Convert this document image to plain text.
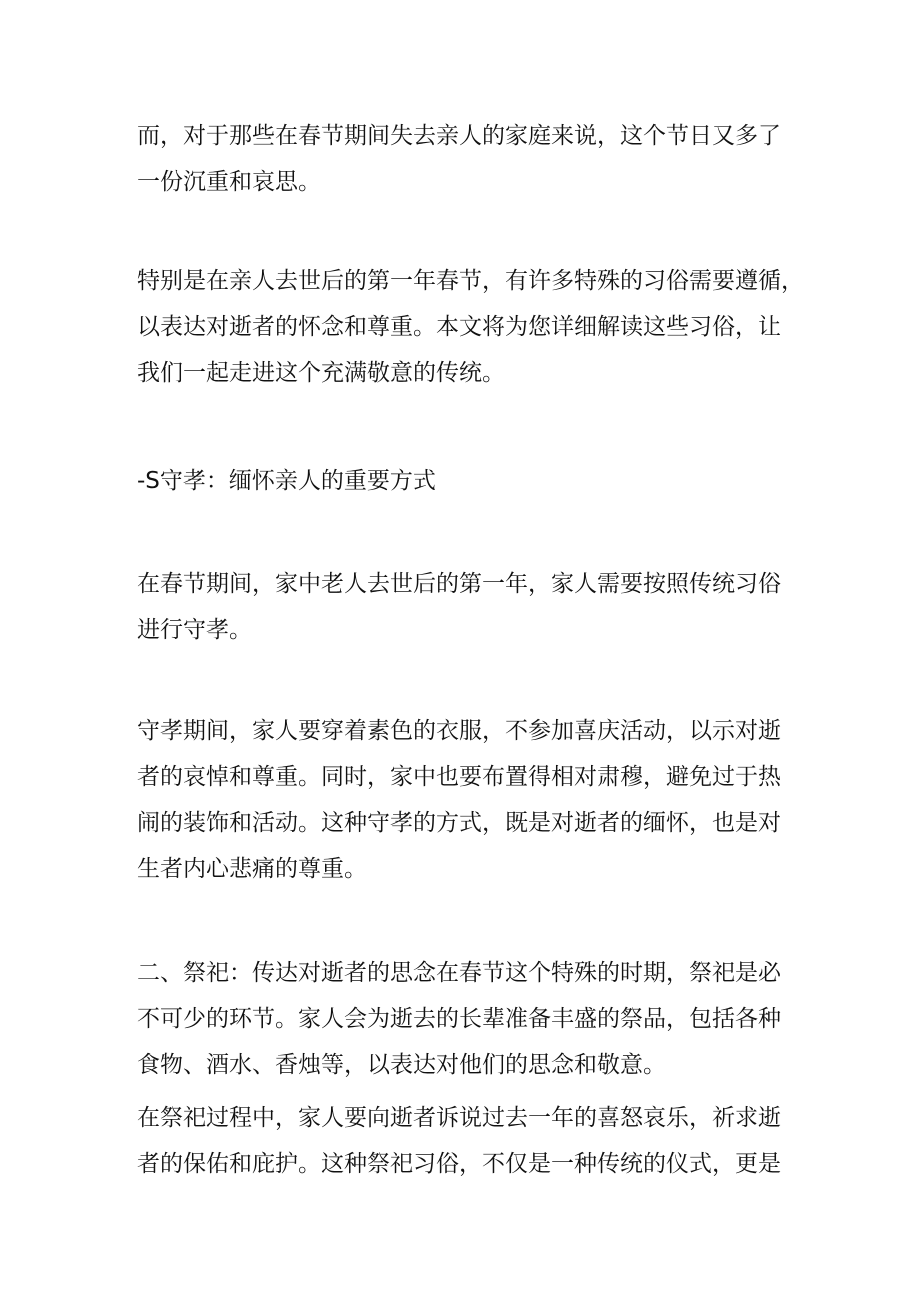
而，对于那些在春节期间失去亲人的家庭来说，这个节日又多了
一份沉重和哀思。

特别是在亲人去世后的第一年春节，有许多特殊的习俗需要遵循，
以表达对逝者的怀念和尊重。本文将为您详细解读这些习俗，让
我们一起走进这个充满敬意的传统。

-S守孝：缅怀亲人的重要方式

在春节期间，家中老人去世后的第一年，家人需要按照传统习俗
进行守孝。

守孝期间，家人要穿着素色的衣服，不参加喜庆活动，以示对逝
者的哀悼和尊重。同时，家中也要布置得相对肃穆，避免过于热
闹的装饰和活动。这种守孝的方式，既是对逝者的缅怀，也是对
生者内心悲痛的尊重。

二、祭祀：传达对逝者的思念在春节这个特殊的时期，祭祀是必
不可少的环节。家人会为逝去的长辈准备丰盛的祭品，包括各种
食物、酒水、香烛等，以表达对他们的思念和敬意。

在祭祀过程中，家人要向逝者诉说过去一年的喜怒哀乐，祈求逝
者的保佑和庇护。这种祭祀习俗，不仅是一种传统的仪式，更是
